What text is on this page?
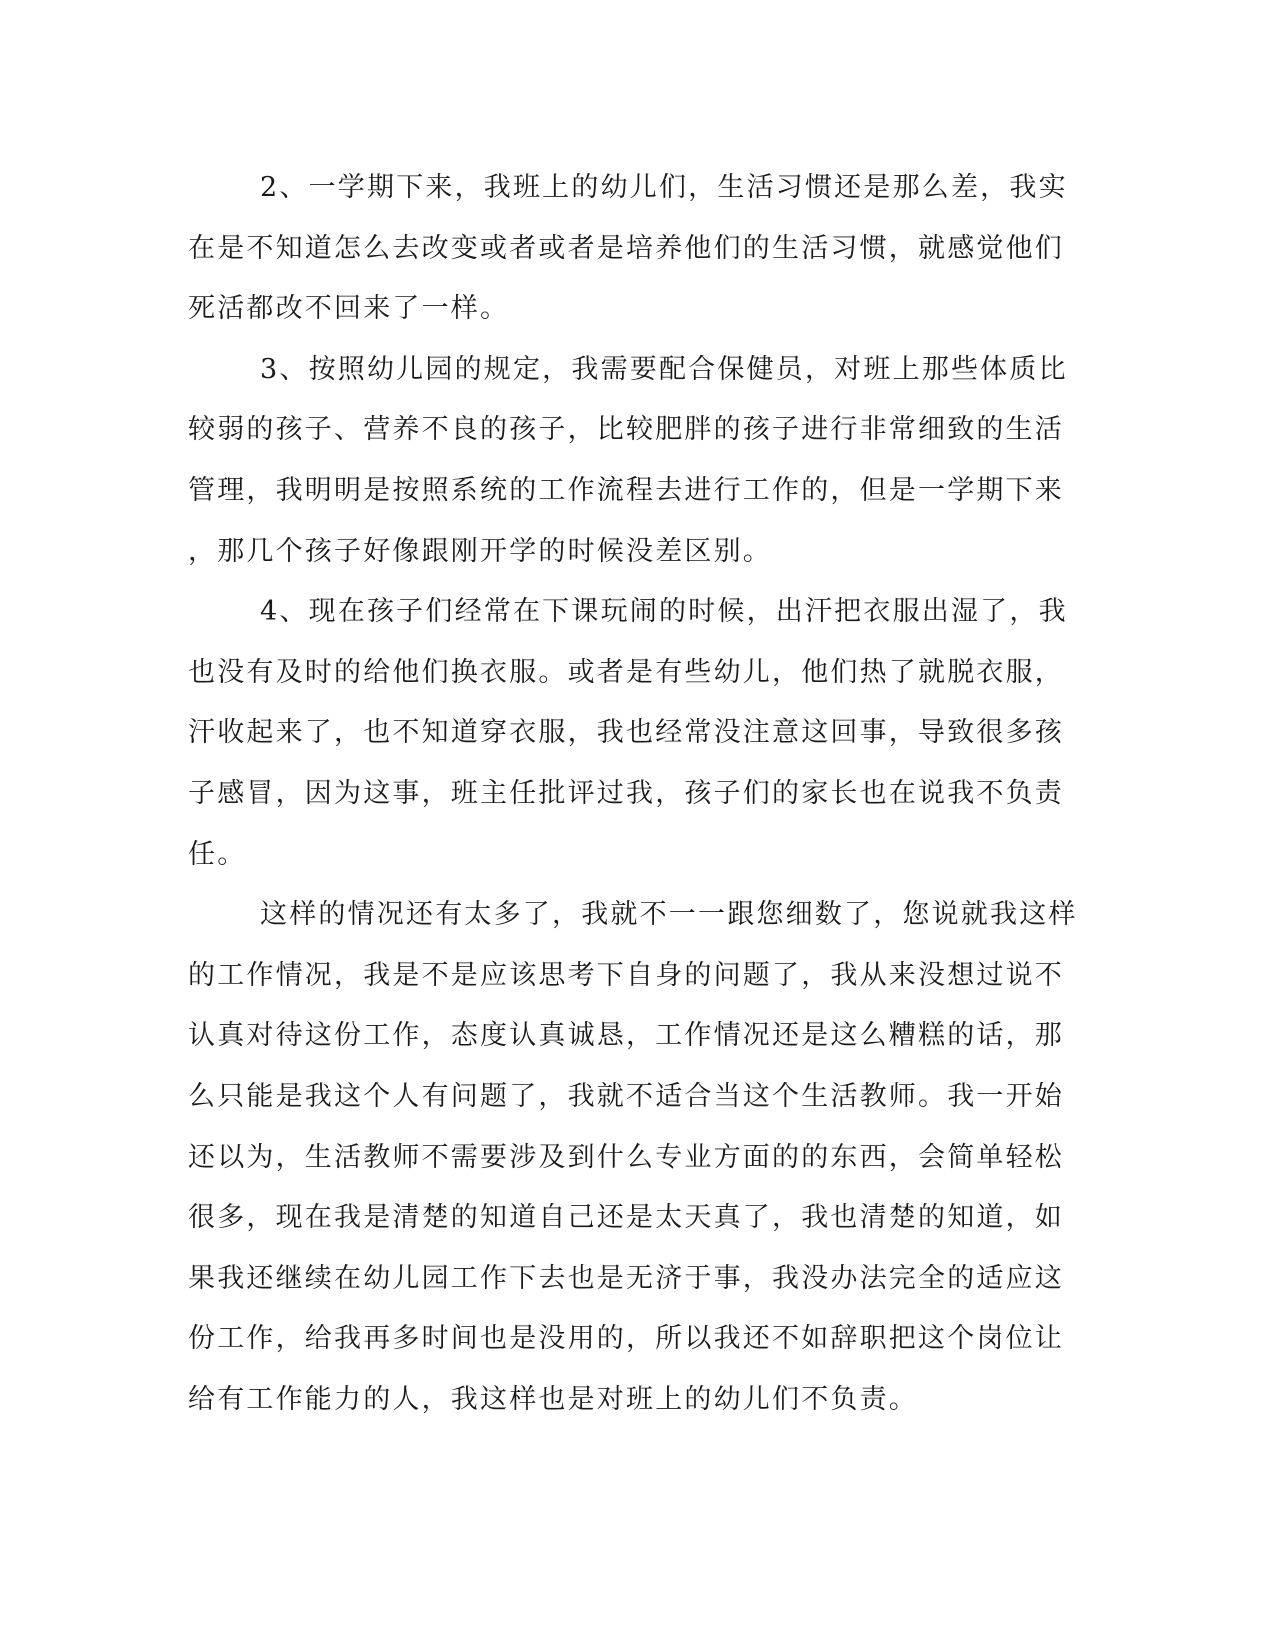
2、一学期下来，我班上的幼儿们，生活习惯还是那么差，我实
在是不知道怎么去改变或者或者是培养他们的生活习惯，就感觉他们
死活都改不回来了一样。
3、按照幼儿园的规定，我需要配合保健员，对班上那些体质比
较弱的孩子、营养不良的孩子，比较肥胖的孩子进行非常细致的生活
管理，我明明是按照系统的工作流程去进行工作的，但是一学期下来
，那几个孩子好像跟刚开学的时候没差区别。
4、现在孩子们经常在下课玩闹的时候，出汗把衣服出湿了，我
也没有及时的给他们换衣服。或者是有些幼儿，他们热了就脱衣服，
汗收起来了，也不知道穿衣服，我也经常没注意这回事，导致很多孩
子感冒，因为这事，班主任批评过我，孩子们的家长也在说我不负责
任。
这样的情况还有太多了，我就不一一跟您细数了，您说就我这样
的工作情况，我是不是应该思考下自身的问题了，我从来没想过说不
认真对待这份工作，态度认真诚恳，工作情况还是这么糟糕的话，那
么只能是我这个人有问题了，我就不适合当这个生活教师。我一开始
还以为，生活教师不需要涉及到什么专业方面的的东西，会简单轻松
很多，现在我是清楚的知道自己还是太天真了，我也清楚的知道，如
果我还继续在幼儿园工作下去也是无济于事，我没办法完全的适应这
份工作，给我再多时间也是没用的，所以我还不如辞职把这个岗位让
给有工作能力的人，我这样也是对班上的幼儿们不负责。
